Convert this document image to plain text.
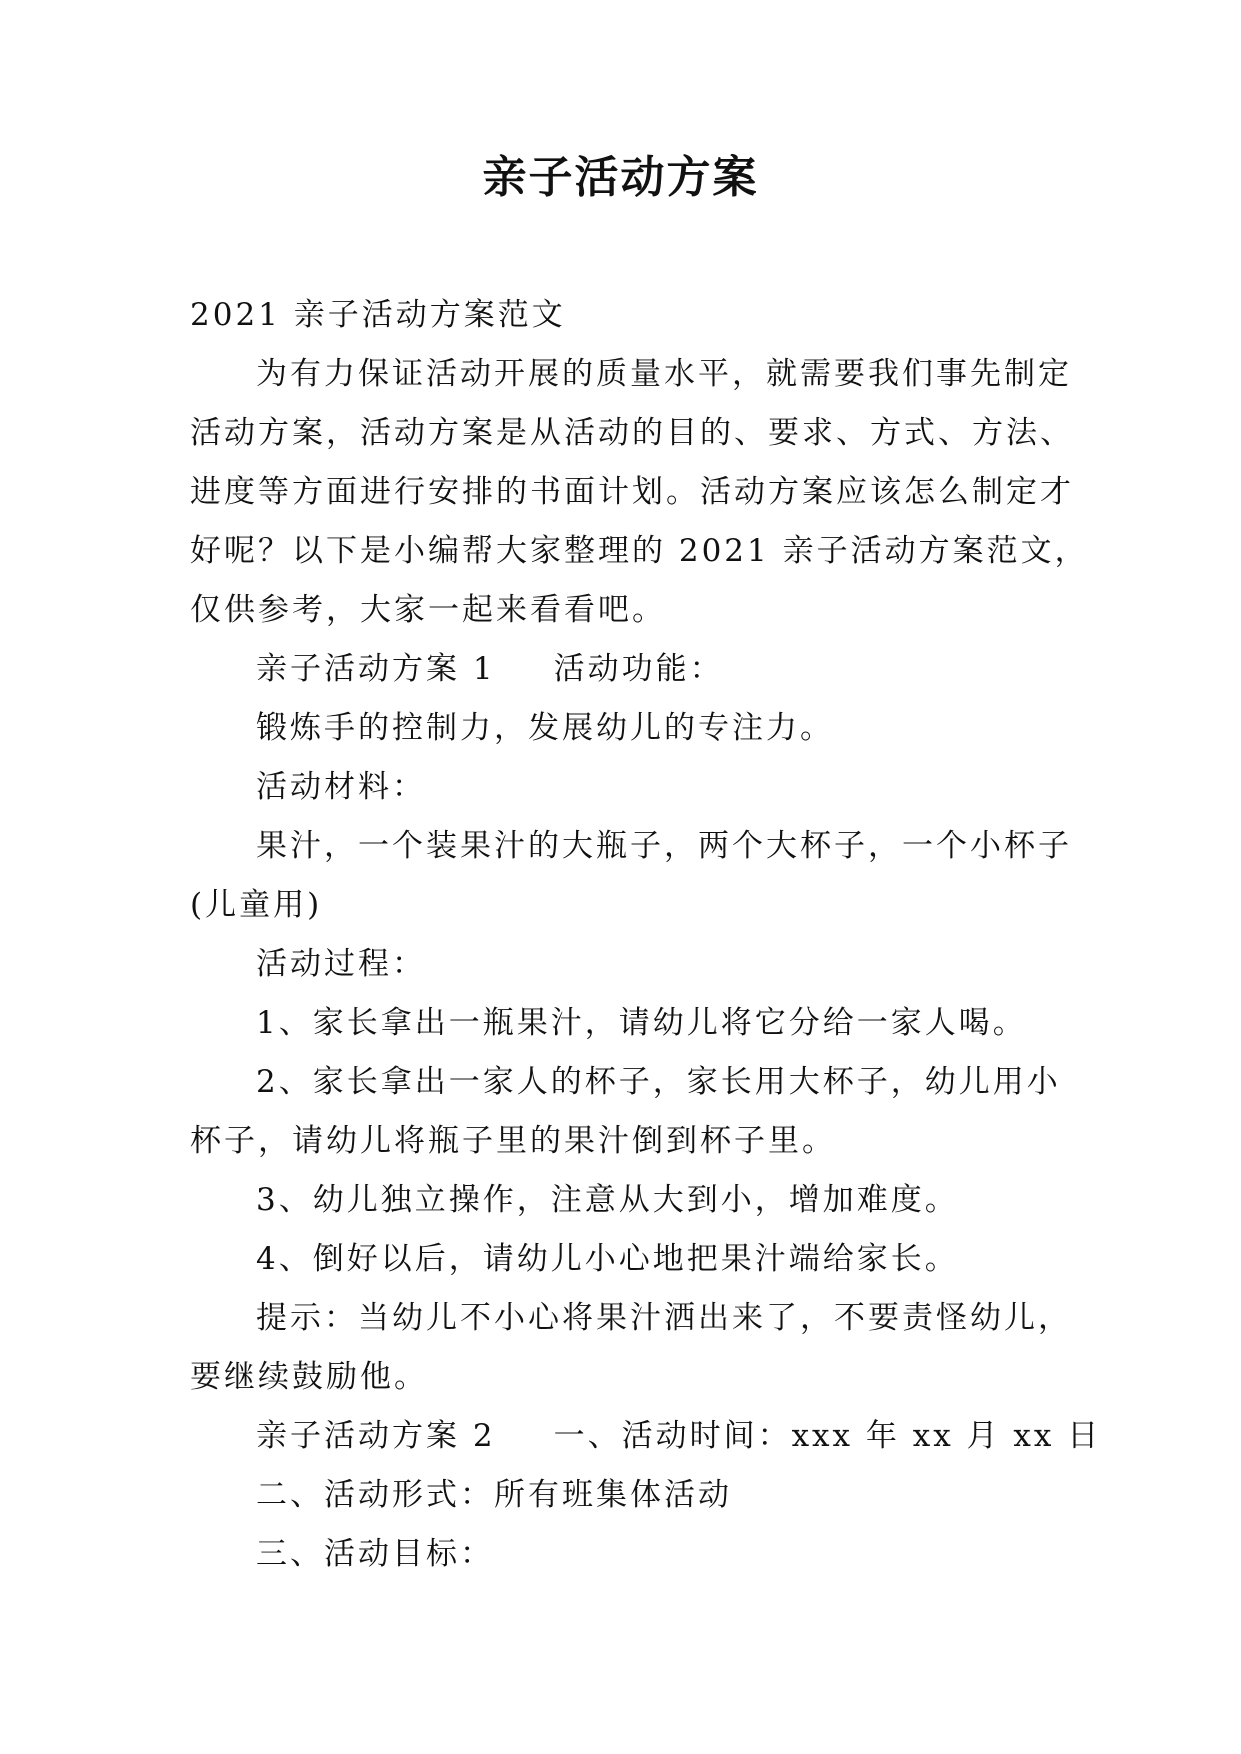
亲子活动方案
2021 亲子活动方案范文
为有力保证活动开展的质量水平，就需要我们事先制定
活动方案，活动方案是从活动的目的、要求、方式、方法、
进度等方面进行安排的书面计划。活动方案应该怎么制定才
好呢？以下是小编帮大家整理的 2021 亲子活动方案范文，
仅供参考，大家一起来看看吧。
亲子活动方案 1 活动功能：
锻炼手的控制力，发展幼儿的专注力。
活动材料：
果汁，一个装果汁的大瓶子，两个大杯子，一个小杯子
(儿童用)
活动过程：
1、家长拿出一瓶果汁，请幼儿将它分给一家人喝。
2、家长拿出一家人的杯子，家长用大杯子，幼儿用小
杯子，请幼儿将瓶子里的果汁倒到杯子里。
3、幼儿独立操作，注意从大到小，增加难度。
4、倒好以后，请幼儿小心地把果汁端给家长。
提示：当幼儿不小心将果汁洒出来了，不要责怪幼儿，
要继续鼓励他。
亲子活动方案 2 一、活动时间：xxx 年 xx 月 xx 日
二、活动形式：所有班集体活动
三、活动目标：
